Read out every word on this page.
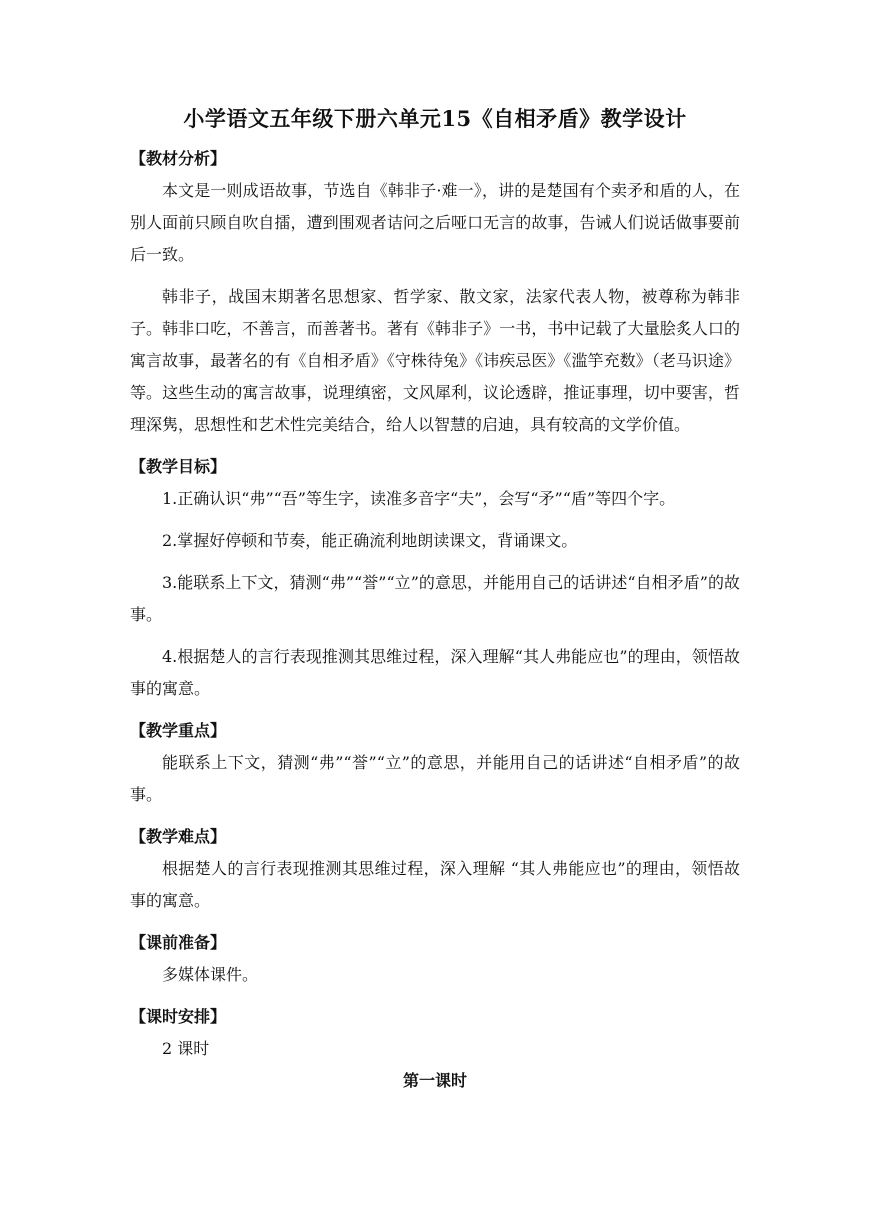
小学语文五年级下册六单元15《自相矛盾》教学设计
【教材分析】

本文是一则成语故事，节选自《韩非子·难一》，讲的是楚国有个卖矛和盾的人，在别人面前只顾自吹自擂，遭到围观者诘问之后哑口无言的故事，告诫人们说话做事要前后一致。

韩非子，战国末期著名思想家、哲学家、散文家，法家代表人物，被尊称为韩非子。韩非口吃，不善言，而善著书。著有《韩非子》一书，书中记载了大量脍炙人口的寓言故事，最著名的有《自相矛盾》《守株待兔》《讳疾忌医》《滥竽充数》（老马识途》等。这些生动的寓言故事，说理缜密，文风犀利，议论透辟，推证事理，切中要害，哲理深隽，思想性和艺术性完美结合，给人以智慧的启迪，具有较高的文学价值。

【教学目标】

1.正确认识“弗”“吾”等生字，读准多音字“夫”，会写“矛”“盾”等四个字。

2.掌握好停顿和节奏，能正确流利地朗读课文，背诵课文。

3.能联系上下文，猜测“弗”“誉”“立”的意思，并能用自己的话讲述“自相矛盾”的故事。

4.根据楚人的言行表现推测其思维过程，深入理解“其人弗能应也”的理由，领悟故事的寓意。

【教学重点】

能联系上下文，猜测“弗”“誉”“立”的意思，并能用自己的话讲述“自相矛盾”的故事。

【教学难点】

根据楚人的言行表现推测其思维过程，深入理解 “其人弗能应也”的理由，领悟故事的寓意。

【课前准备】

多媒体课件。

【课时安排】

2 课时

第一课时
